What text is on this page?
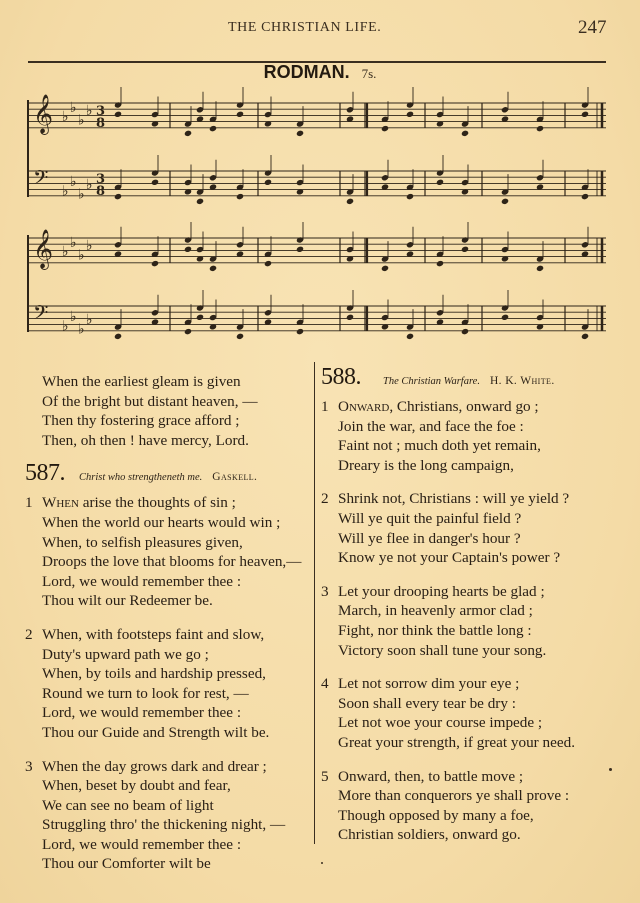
THE CHRISTIAN LIFE.	247
RODMAN. 7s.
𝄞 ♭
♭
♭
♭ 3
8
𝄢 ♭
♭
♭
♭ 3
8
𝄞 ♭
♭
♭
♭
𝄢 ♭
♭
♭
♭
When the earliest gleam is given
Of the bright but distant heaven, —
Then thy fostering grace afford ;
Then, oh then ! have mercy, Lord.
587. Christ who strengtheneth me. Gaskell.
1 When arise the thoughts of sin ;
When the world our hearts would win ;
When, to selfish pleasures given,
Droops the love that blooms for heaven,—
Lord, we would remember thee :
Thou wilt our Redeemer be.
2 When, with footsteps faint and slow,
Duty's upward path we go ;
When, by toils and hardship pressed,
Round we turn to look for rest, —
Lord, we would remember thee :
Thou our Guide and Strength wilt be.
3 When the day grows dark and drear ;
When, beset by doubt and fear,
We can see no beam of light
Struggling thro' the thickening night, —
Lord, we would remember thee :
Thou our Comforter wilt be
588. The Christian Warfare. H. K. White.
1 Onward, Christians, onward go ;
Join the war, and face the foe :
Faint not ; much doth yet remain,
Dreary is the long campaign,
2 Shrink not, Christians : will ye yield ?
Will ye quit the painful field ?
Will ye flee in danger's hour ?
Know ye not your Captain's power ?
3 Let your drooping hearts be glad ;
March, in heavenly armor clad ;
Fight, nor think the battle long :
Victory soon shall tune your song.
4 Let not sorrow dim your eye ;
Soon shall every tear be dry :
Let not woe your course impede ;
Great your strength, if great your need.
5 Onward, then, to battle move ;
More than conquerors ye shall prove :
Though opposed by many a foe,
Christian soldiers, onward go.
